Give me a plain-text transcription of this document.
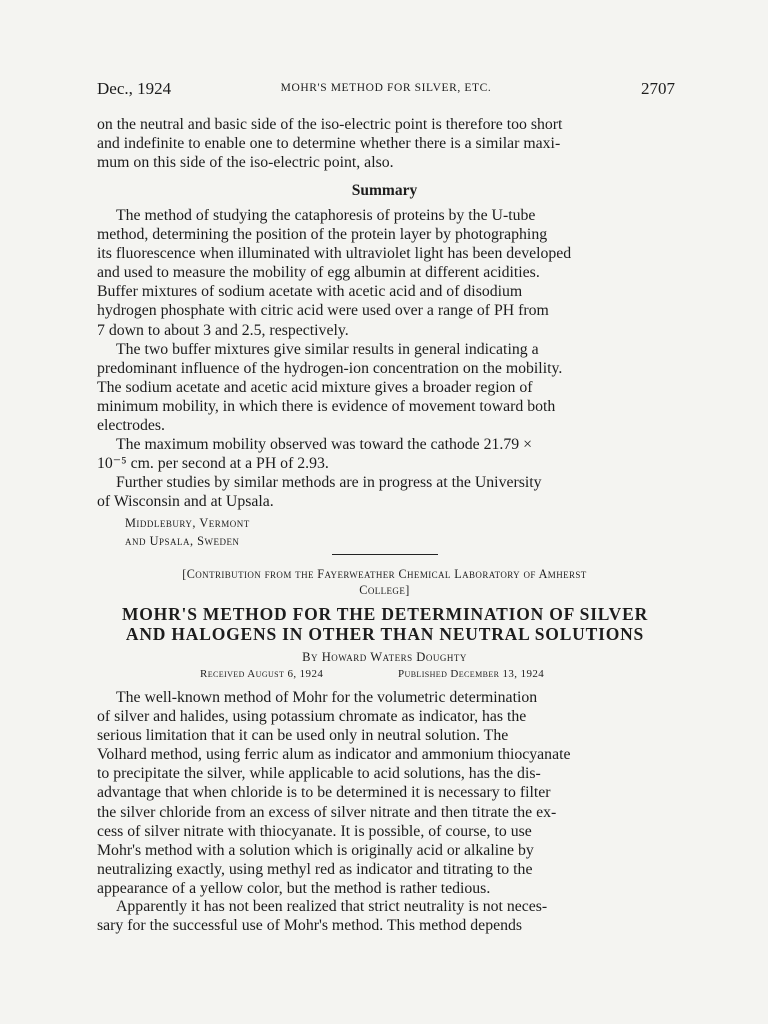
Dec., 1924	MOHR'S METHOD FOR SILVER, ETC.	2707

on the neutral and basic side of the iso-electric point is therefore too short

and indefinite to enable one to determine whether there is a similar maxi-

mum on this side of the iso-electric point, also.

Summary

The method of studying the cataphoresis of proteins by the U-tube

method, determining the position of the protein layer by photographing

its fluorescence when illuminated with ultraviolet light has been developed

and used to measure the mobility of egg albumin at different acidities.

Buffer mixtures of sodium acetate with acetic acid and of disodium

hydrogen phosphate with citric acid were used over a range of PH from

7 down to about 3 and 2.5, respectively.

The two buffer mixtures give similar results in general indicating a

predominant influence of the hydrogen-ion concentration on the mobility.

The sodium acetate and acetic acid mixture gives a broader region of

minimum mobility, in which there is evidence of movement toward both

electrodes.

The maximum mobility observed was toward the cathode 21.79 ×

10⁻⁵ cm. per second at a PH of 2.93.

Further studies by similar methods are in progress at the University

of Wisconsin and at Upsala.

Middlebury, Vermont

and Upsala, Sweden

[Contribution from the Fayerweather Chemical Laboratory of Amherst

College]

MOHR'S METHOD FOR THE DETERMINATION OF SILVER

AND HALOGENS IN OTHER THAN NEUTRAL SOLUTIONS

By Howard Waters Doughty

Received August 6, 1924	Published December 13, 1924

The well-known method of Mohr for the volumetric determination

of silver and halides, using potassium chromate as indicator, has the

serious limitation that it can be used only in neutral solution. The

Volhard method, using ferric alum as indicator and ammonium thiocyanate

to precipitate the silver, while applicable to acid solutions, has the dis-

advantage that when chloride is to be determined it is necessary to filter

the silver chloride from an excess of silver nitrate and then titrate the ex-

cess of silver nitrate with thiocyanate. It is possible, of course, to use

Mohr's method with a solution which is originally acid or alkaline by

neutralizing exactly, using methyl red as indicator and titrating to the

appearance of a yellow color, but the method is rather tedious.

Apparently it has not been realized that strict neutrality is not neces-

sary for the successful use of Mohr's method. This method depends
